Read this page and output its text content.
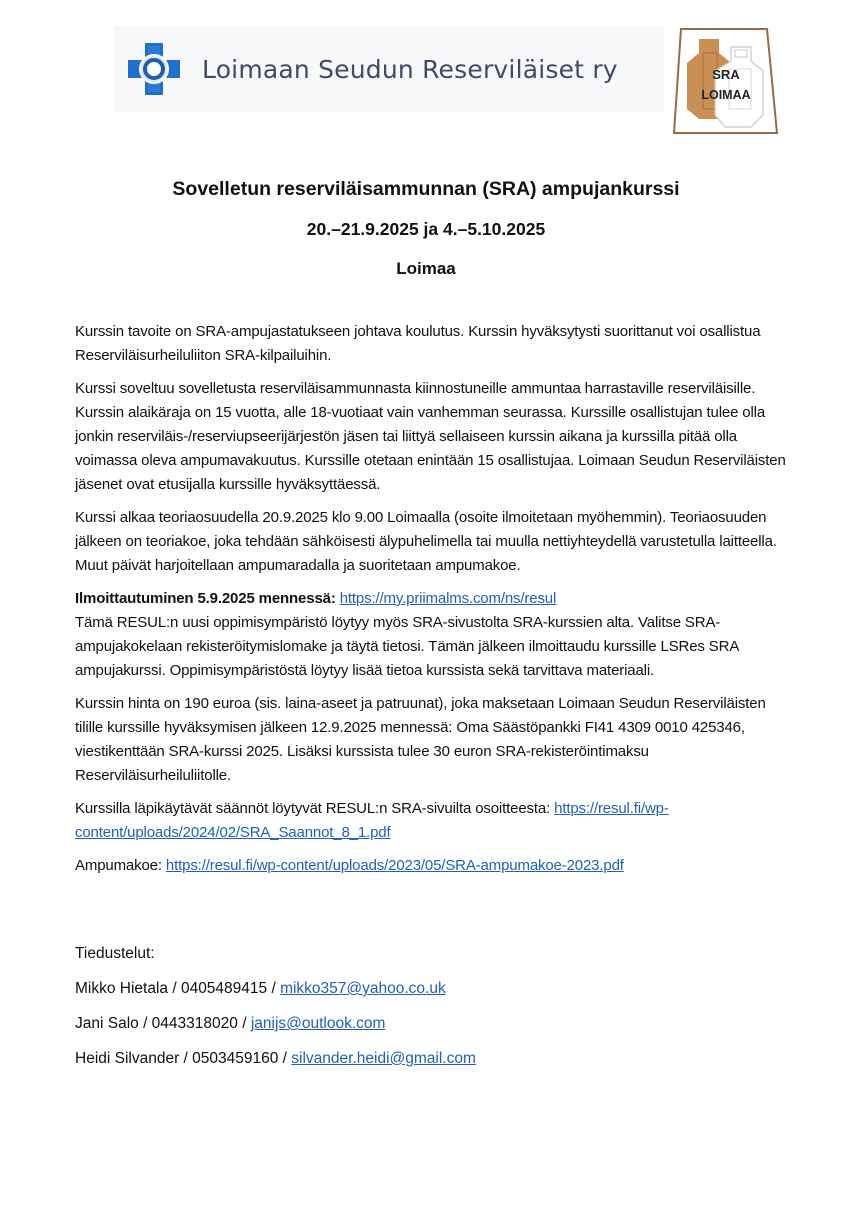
Loimaan Seudun Reserviläiset ry	SRA
LOIMAA
Sovelletun reserviläisammunnan (SRA) ampujankurssi
20.–21.9.2025 ja 4.–5.10.2025
Loimaa

Kurssin tavoite on SRA-ampujastatukseen johtava koulutus. Kurssin hyväksytysti suorittanut voi osallistua Reserviläisurheiluliiton SRA-kilpailuihin.

Kurssi soveltuu sovelletusta reserviläisammunnasta kiinnostuneille ammuntaa harrastaville reserviläisille. Kurssin alaikäraja on 15 vuotta, alle 18-vuotiaat vain vanhemman seurassa. Kurssille osallistujan tulee olla jonkin reserviläis-/reserviupseerijärjestön jäsen tai liittyä sellaiseen kurssin aikana ja kurssilla pitää olla voimassa oleva ampumavakuutus. Kurssille otetaan enintään 15 osallistujaa. Loimaan Seudun Reserviläisten jäsenet ovat etusijalla kurssille hyväksyttäessä.

Kurssi alkaa teoriaosuudella 20.9.2025 klo 9.00 Loimaalla (osoite ilmoitetaan myöhemmin). Teoriaosuuden jälkeen on teoriakoe, joka tehdään sähköisesti älypuhelimella tai muulla nettiyhteydellä varustetulla laitteella. Muut päivät harjoitellaan ampumaradalla ja suoritetaan ampumakoe.

Ilmoittautuminen 5.9.2025 mennessä: https://my.priimalms.com/ns/resul
Tämä RESUL:n uusi oppimisympäristö löytyy myös SRA-sivustolta SRA-kurssien alta. Valitse SRA-ampujakokelaan rekisteröitymislomake ja täytä tietosi. Tämän jälkeen ilmoittaudu kurssille LSRes SRA ampujakurssi. Oppimisympäristöstä löytyy lisää tietoa kurssista sekä tarvittava materiaali.

Kurssin hinta on 190 euroa (sis. laina-aseet ja patruunat), joka maksetaan Loimaan Seudun Reserviläisten tilille kurssille hyväksymisen jälkeen 12.9.2025 mennessä: Oma Säästöpankki FI41 4309 0010 425346, viestikenttään SRA-kurssi 2025. Lisäksi kurssista tulee 30 euron SRA-rekisteröintimaksu Reserviläisurheiluliitolle.

Kurssilla läpikäytävät säännöt löytyvät RESUL:n SRA-sivuilta osoitteesta: https://resul.fi/wp-content/uploads/2024/02/SRA_Saannot_8_1.pdf

Ampumakoe: https://resul.fi/wp-content/uploads/2023/05/SRA-ampumakoe-2023.pdf

Tiedustelut:
Mikko Hietala / 0405489415 / mikko357@yahoo.co.uk
Jani Salo / 0443318020 / janijs@outlook.com
Heidi Silvander / 0503459160 / silvander.heidi@gmail.com
